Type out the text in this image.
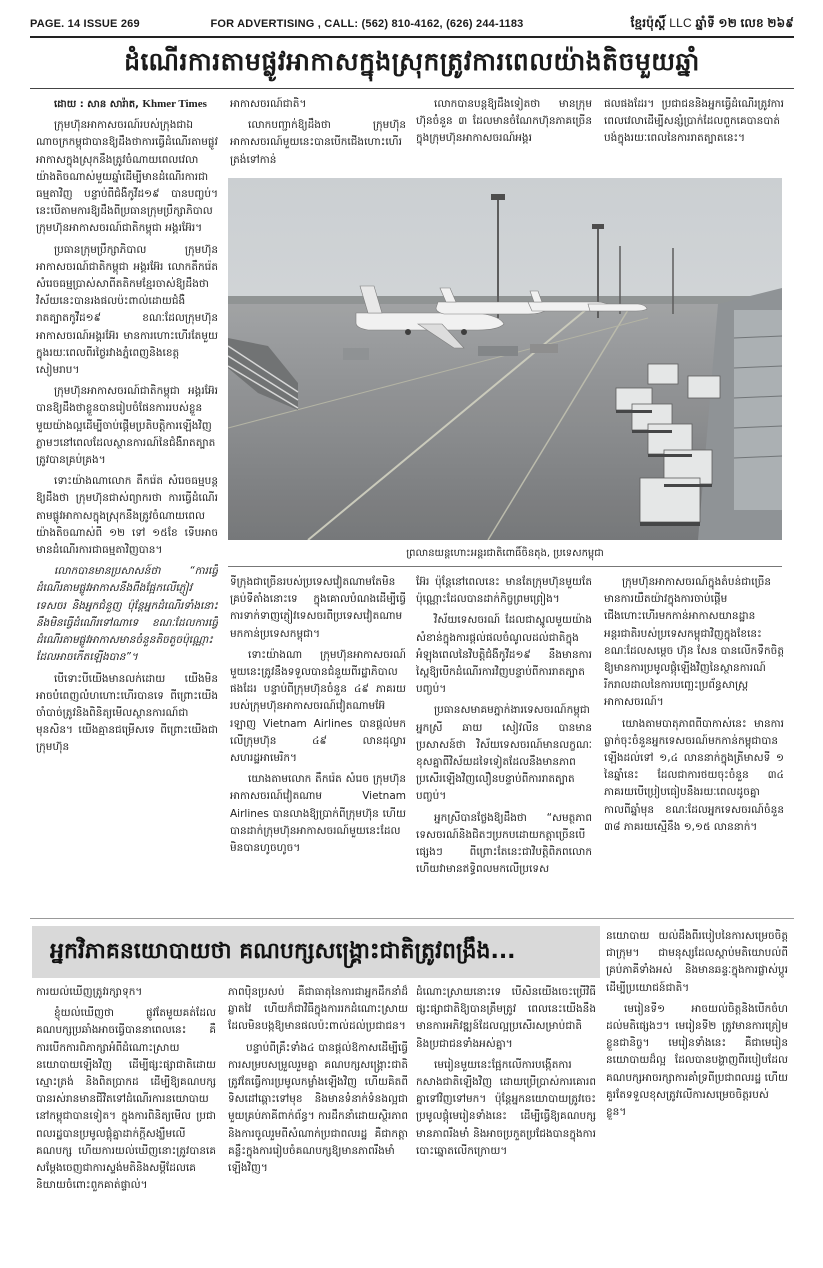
PAGE. 14 ISSUE 269	FOR ADVERTISING , CALL: (562) 810-4162, (626) 244-1183	ខ្មែរប៉ុស្តិ៍ LLC ឆ្នាំទី ១២ លេខ ២៦៩
ដំណើរការតាមផ្លូវអាកាសក្នុងស្រុកត្រូវការពេលយ៉ាងតិចមួយឆ្នាំ
ដោយ : សាន សារ៉ាត, Khmer Times

ក្រុមហ៊ុនអាកាសចរណ៍របស់ក្រុងជាឯណាចក្រកម្ពុជាបានឱ្យដឹងថាការធ្វើដំណើរតាមផ្លូវអាកាសក្នុងស្រុកនឹងត្រូវចំណាយពេលវេលាយ៉ាងតិចណាស់មួយឆ្នាំដើម្បីមានដំណើរការជាធម្មតាវិញ បន្ទាប់ពីជំងឺកូវីដ១៩ បានបញ្ចប់។ នេះបើតាមការឱ្យដឹងពីប្រធានក្រុមប្រឹក្សាភិបាល ក្រុមហ៊ុនអាកាសចរណ៍ជាតិកម្ពុជា អង្គរអ៊ែរ។

ប្រធានក្រុមប្រឹក្សាភិបាល ក្រុមហ៊ុនអាកាសចរណ៍ជាតិកម្ពុជា អង្គរអ៊ែរ លោកតឹករ៉េត សំរេចធម្មប្រាស់សាពីតតិកមខ្មែរចាស់ឱ្យដឹងថា វិស័យនេះបានរងផលប៉ះពាល់ដោយជំងឺរាតត្បាតកូវីដ១៩ ខណៈដែលក្រុមហ៊ុនអាកាសចរណ៍អង្គរអ៊ែរ មានការហោះហើរតែមួយក្នុងរយៈពេលពីរថ្ងៃរវាងភ្នំពេញនិងខេត្តសៀមរាប។

ក្រុមហ៊ុនអាកាសចរណ៍ជាតិកម្ពុជា អង្គរអ៊ែរ បានឱ្យដឹងថាខ្លួនបានរៀបចំផែនការរបស់ខ្លួនមួយយ៉ាងល្អដើម្បីចាប់ផ្តើមប្រតិបត្តិការឡើងវិញភ្លាមៗនៅពេលដែលស្ថានការណ៍នៃជំងឺរាតត្បាតត្រូវបានគ្រប់គ្រង។

ទោះយ៉ាងណាលោក តឹករ៉េត សំរេចធម្មបន្តឱ្យដឹងថា ក្រុមហ៊ុនជាស់ព្យាករថា ការធ្វើដំណើរតាមផ្លូវអាកាសក្នុងស្រុកនឹងត្រូវចំណាយពេលយ៉ាងតិចណាស់ពី ១២ ទៅ ១៥ខែ ទើបអាចមានដំណើរការជាធម្មតាវិញបាន។

លោកបានមានប្រសាសន៍ថា “ការធ្វើដំណើរតាមផ្លូវអាកាសនឹងពឹងផ្អែកលើភ្ញៀវទេសចរ និងអ្នកជំនួញ ប៉ុន្តែអ្នកដំណើរទាំងនោះនឹងមិនធ្វើដំណើរទៅណាទេ ខណៈដែលការធ្វើដំណើរតាមផ្លូវអាកាសមានចំនួនតិចតួចប៉ុណ្ណោះដែលអាចកើតឡើងបាន”។

បើទោះបីយើងមានលក់ដោយ យើងមិនអាចបំពេញលំហហោះហើរបានទេ ពីព្រោះយើងចាំបាច់ត្រូវនិងពិនិត្យមើលស្ថានការណ៍ជាមុនសិន។ យើងគ្មានជម្រើសទេ ពីព្រោះយើងជាក្រុមហ៊ុន

អាកាសចរណ៍ជាតិ។

លោកបញ្ជាក់ឱ្យដឹងថា ក្រុមហ៊ុនអាកាសចរណ៍មួយនេះបានបើកជើងហោះហើរត្រង់ទៅកាន់

លោកបានបន្តឱ្យដឹងទៀតថា មានក្រុមហ៊ុនចំនួន ៣ ដែលមានចំណែកហ៊ុនភាគច្រើនក្នុងក្រុមហ៊ុនអាកាសចរណ៍អង្គរ

ផលផងដែរ។ ប្រជាជននិងអ្នកធ្វើដំណើរត្រូវការពេលវេលាដើម្បីសន្សំប្រាក់ដែលពួកគេបានបាត់បង់ក្នុងរយៈពេលនៃការរាតត្បាតនេះ។

ព្រលានយន្តហោះអន្តរជាតិពោធិ៍ចិនតុង, ប្រទេសកម្ពុជា

ទីក្រុងជាច្រើនរបស់ប្រទេសវៀតណាមតែមិនគ្រប់ទីតាំងនោះទេ ក្នុងគោលបំណងដើម្បីធ្វើការទាក់ទាញភ្ញៀវទេសចរពីប្រទេសវៀតណាមមកកាន់ប្រទេសកម្ពុជា។

ទោះយ៉ាងណា ក្រុមហ៊ុនអាកាសចរណ៍មួយនេះត្រូវនឹងទទួលបានជំនួយពីរដ្ឋាភិបាលផងដែរ បន្ទាប់ពីក្រុមហ៊ុនចំនួន ៤៩ ភាគរយរបស់ក្រុមហ៊ុនអាកាសចរណ៍វៀតណាមអ៊ែរឡាញ Vietnam Airlines បានផ្តល់មកលើក្រុមហ៊ុន ៤៩ លានដុល្លារសហរដ្ឋអាមេរិក។

យោងតាមលោក តឹករ៉េត សំរេច ក្រុមហ៊ុនអាកាសចរណ៍វៀតណាម Vietnam Airlines បានលាងឱ្យប្រាក់ពីក្រុមហ៊ុន ហើយបានដាក់ក្រុមហ៊ុនអាកាសចរណ៍មួយនេះដែលមិនបានហូចហូច។

អ៊ែរ ប៉ុន្តែនៅពេលនេះ មានតែក្រុមហ៊ុនមួយតែប៉ុណ្ណោះដែលបានដាក់កិច្ចព្រមព្រៀង។

វិស័យទេសចរណ៍ ដែលជាស្នូលមួយយ៉ាងសំខាន់ក្នុងការផ្តល់ផលចំណូលដល់ជាតិក្នុងអំឡុងពេលនៃវិបត្តិជំងឺកូវីដ១៩ នឹងមានការស្ពៃឱ្យបើកដំណើរការវិញបន្ទាប់ពីការរាតត្បាតបញ្ចប់។

ប្រធានសមាគមភ្នាក់ងារទេសចរណ៍កម្ពុជា អ្នកស្រី ឆាយ សៀវលីន បានមានប្រសាសន៍ថា វិស័យទេសចរណ៍មានលក្ខណៈខុសគ្នាពីវិស័យដទៃទៀតដែលនឹងមានភាពប្រសើរឡើងវិញលឿនបន្ទាប់ពីការរាតត្បាតបញ្ចប់។

អ្នកស្រីបានថ្លែងឱ្យដឹងថា “សមត្ថភាពទេសចរណ៍និងជិតៗប្រកបដោយកត្តាច្រើនបើផ្សេងៗ ពីព្រោះតែនេះជាវិបត្តិពិភពលោក ហើយវាមានឥទ្ធិពលមកលើប្រទេស

ក្រុមហ៊ុនអាកាសចរណ៍ក្នុងតំបន់ជាច្រើនមានការយឺតយ៉ាវក្នុងការចាប់ផ្តើមជើងហោះហើរមកកាន់អាកាសយានដ្ឋានអន្តរជាតិរបស់ប្រទេសកម្ពុជាវិញក្នុងខែនេះ ខណៈដែលសម្តេច ហ៊ុន សែន បានលើកទឹកចិត្តឱ្យមានការប្រមូលផ្តុំឡើងវិញនៃស្ថានការណ៍រីករាលដាលនៃការបញ្ឆេះប្រព័ន្ធសាស្ត្រអាកាសចរណ៍។

យោងតាមបាតុភាពពីបាកាស់នេះ មានការធ្លាក់ចុះចំនួនអ្នកទេសចរណ៍មកកាន់កម្ពុជាបានឡើងដល់ទៅ ១,៤ លាននាក់ក្នុងត្រីមាសទី ១ នៃឆ្នាំនេះ ដែលជាការថយចុះចំនួន ៣៤ ភាគរយបើប្រៀបធៀបនឹងរយៈពេលដូចគ្នាកាលពីឆ្នាំមុន ខណៈដែលអ្នកទេសចរណ៍ចំនួន ៣៨ ភាគរយស្មើនឹង ១,១៥ លាននាក់។

អ្នកវិភាគនយោបាយថា គណបក្សសង្គ្រោះជាតិត្រូវពង្រឹង...

ការយល់ឃើញត្រូវរក្សាទុក។

ខ្ញុំយល់ឃើញថា ផ្លូវតែមួយគត់ដែលគណបក្សប្រឆាំងអាចធ្វើបាននាពេលនេះ គឺការបើកការពិភាក្សាអំពីដំណោះស្រាយនយោបាយឡើងវិញ ដើម្បីផ្សះផ្សាជាតិដោយស្មោះត្រង់ និងពិតប្រាកដ ដើម្បីឱ្យគណបក្សបានរស់រានមានជីវិតទៅដំណើរការនយោបាយនៅកម្ពុជាបានទៀត។ ក្នុងការពិនិត្យមើល ប្រជាពលរដ្ឋបានប្រមូលផ្តុំគ្នាដាក់ក្តីសង្ឃឹមលើគណបក្ស ហើយការយល់ឃើញនោះត្រូវបានគេសម្តែងចេញជាការស្ទង់មតិនិងសម្តីដែលគេនិយាយចំពោះពួកគាត់ផ្ទាល់។

ភាពប៉ិនប្រសប់ គឺជាធាតុនៃការជាអ្នកដឹកនាំដ៏ឆ្លាតវៃ ហើយក៏ជាវិធីក្នុងការរកដំណោះស្រាយ ដែលមិនបង្កឱ្យមានផលប៉ះពាល់ដល់ប្រជាជន។

បន្ទាប់ពីគ្រឹះទាំង៤ បានផ្តល់ឱកាសដើម្បីធ្វើការសម្របសម្រួលរួមគ្នា គណបក្សសង្គ្រោះជាតិត្រូវតែធ្វើការប្រមូលកម្លាំងឡើងវិញ ហើយគិតពីទិសដៅឆ្ពោះទៅមុខ និងមានទំនាក់ទំនងល្អជាមួយគ្រប់ភាគីពាក់ព័ន្ធ។ ការដឹកនាំដោយស្ថិរភាពនិងការចូលរួមពីសំណាក់ប្រជាពលរដ្ឋ គឺជាកត្តាគន្លឹះក្នុងការរៀបចំគណបក្សឱ្យមានភាពរឹងមាំឡើងវិញ។

ដំណោះស្រាយនោះទេ បើសិនយើងចេះប្រើវិធីផ្សះផ្សាជាតិឱ្យបានត្រឹមត្រូវ ពេលនេះយើងនឹងមានការអភិវឌ្ឍន៍ដែលល្អប្រសើរសម្រាប់ជាតិ និងប្រជាជនទាំងអស់គ្នា។

មេរៀនមួយនេះផ្អែកលើការបង្កើតការកសាងជាតិឡើងវិញ ដោយប្រើប្រាស់ការគោរពគ្នាទៅវិញទៅមក។ ប៉ុន្តែអ្នកនយោបាយត្រូវចេះប្រមូលផ្តុំមេរៀនទាំងនេះ ដើម្បីធ្វើឱ្យគណបក្សមានភាពរឹងមាំ និងអាចប្រកួតប្រជែងបានក្នុងការបោះឆ្នោតលើកក្រោយ។

នយោបាយ យល់ដឹងពីរបៀបនៃការសម្រេចចិត្តជាក្រុម។ ជាមនុស្សដែលស្តាប់មតិយោបល់ពីគ្រប់ភាគីទាំងអស់ និងមានឆន្ទៈក្នុងការផ្លាស់ប្តូរដើម្បីប្រយោជន៍ជាតិ។

មេរៀនទី១ អាចយល់ចិត្តនិងបើកចំហដល់មតិផ្សេងៗ។ មេរៀនទី២ ត្រូវមានការត្រៀមខ្លួនជានិច្ច។ មេរៀនទាំងនេះ គឺជាមេរៀននយោបាយដ៏ល្អ ដែលបានបង្ហាញពីរបៀបដែលគណបក្សអាចរក្សាការគាំទ្រពីប្រជាពលរដ្ឋ ហើយគួរតែទទួលខុសត្រូវលើការសម្រេចចិត្តរបស់ខ្លួន។
